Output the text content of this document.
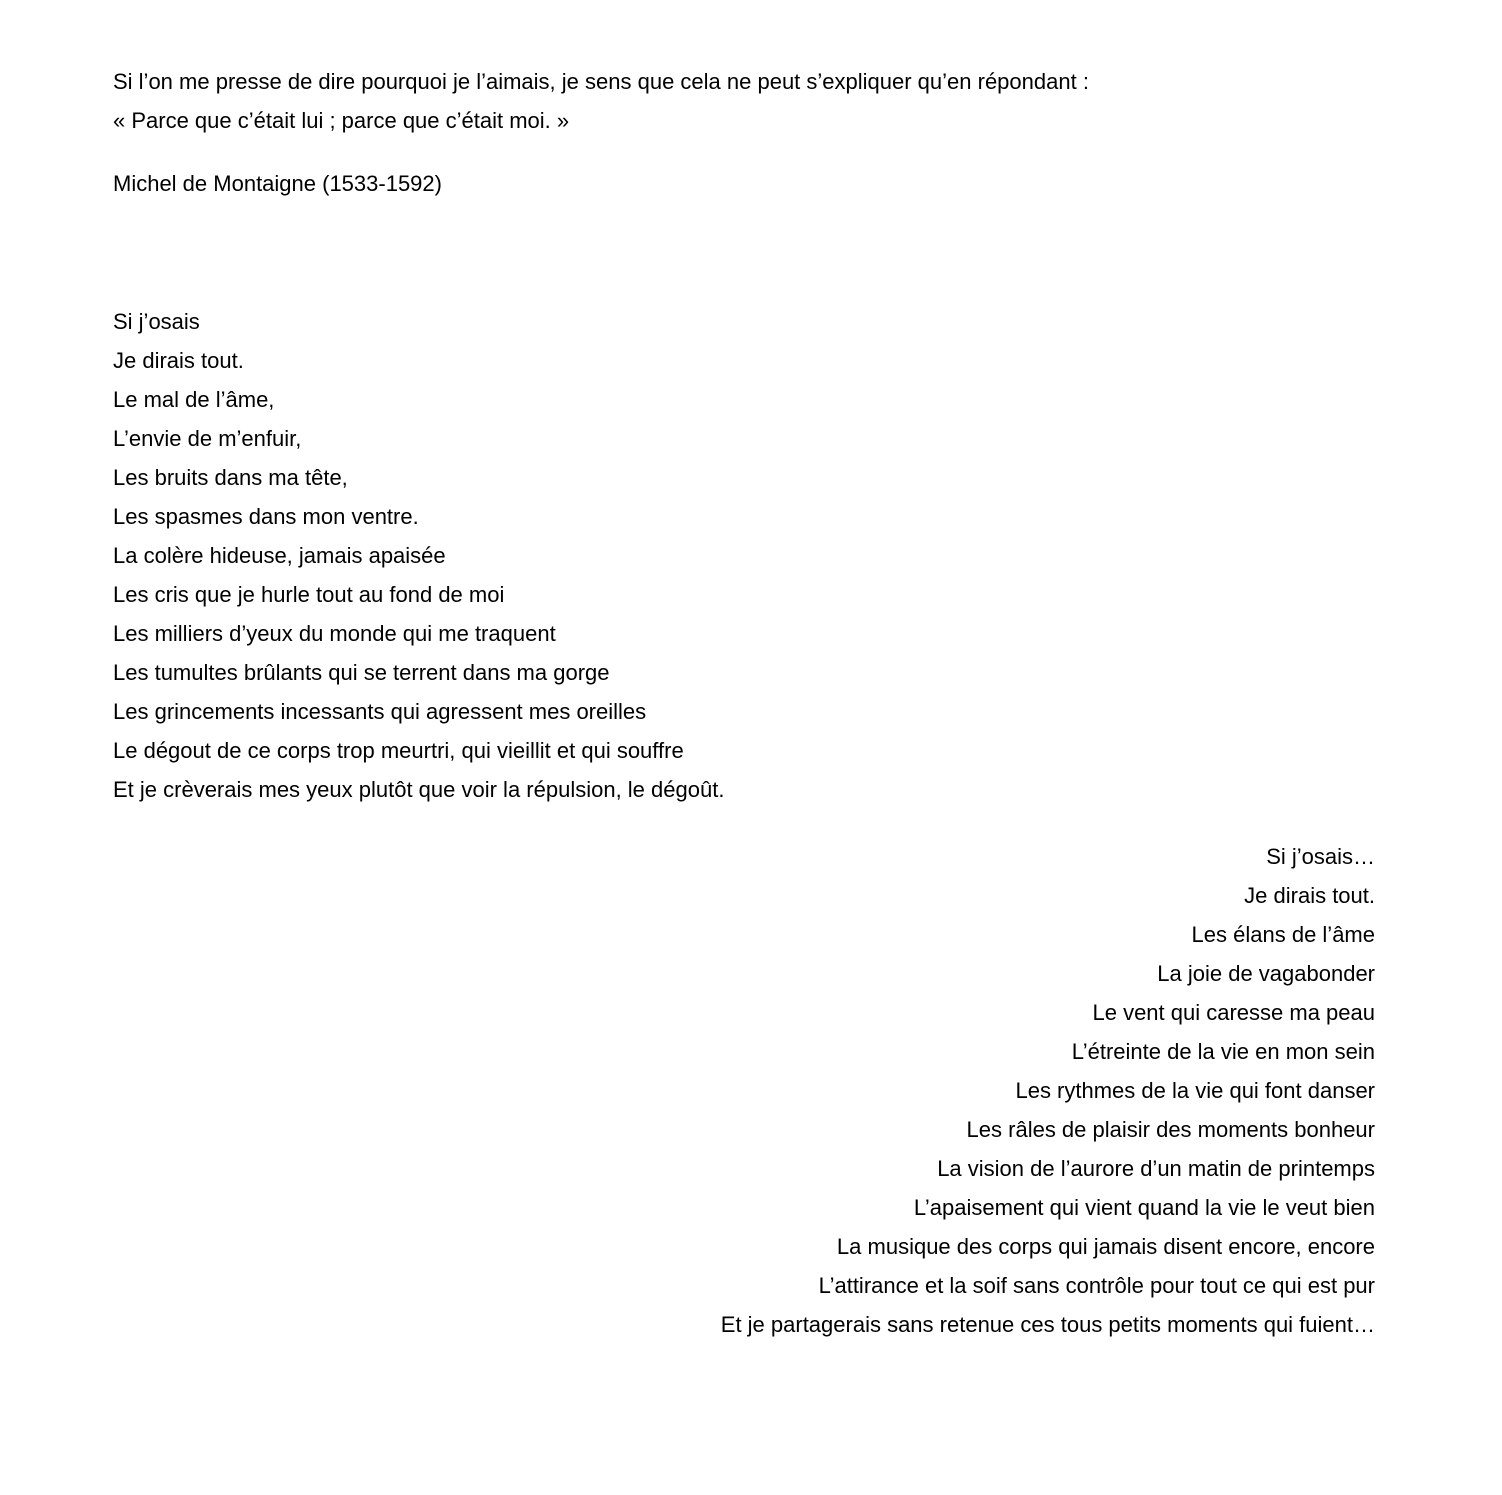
Si l’on me presse de dire pourquoi je l’aimais, je sens que cela ne peut s’expliquer qu’en répondant :
« Parce que c’était lui ; parce que c’était moi. »
Michel de Montaigne (1533-1592)
Si j’osais
Je dirais tout.
Le mal de l’âme,
L’envie de m’enfuir,
Les bruits dans ma tête,
Les spasmes dans mon ventre.
La colère hideuse, jamais apaisée
Les cris que je hurle tout au fond de moi
Les milliers d’yeux du monde qui me traquent
Les tumultes brûlants qui se terrent dans ma gorge
Les grincements incessants qui agressent mes oreilles
Le dégout de ce corps trop meurtri, qui vieillit et qui souffre
Et je crèverais mes yeux plutôt que voir la répulsion, le dégoût.
Si j’osais…
Je dirais tout.
Les élans de l’âme
La joie de vagabonder
Le vent qui caresse ma peau
L’étreinte de la vie en mon sein
Les rythmes de la vie qui font danser
Les râles de plaisir des moments bonheur
La vision de l’aurore d’un matin de printemps
L’apaisement qui vient quand la vie le veut bien
La musique des corps qui jamais disent encore, encore
L’attirance et la soif sans contrôle pour tout ce qui est pur
Et je partagerais sans retenue ces tous petits moments qui fuient…
